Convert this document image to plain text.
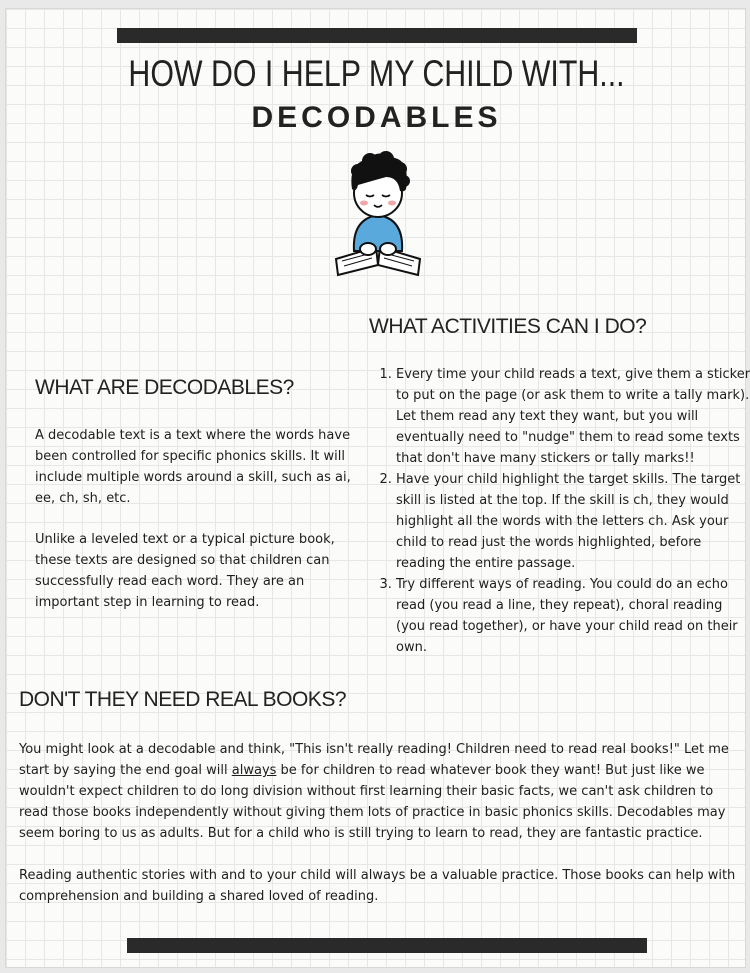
HOW DO I HELP MY CHILD WITH...
DECODABLES
WHAT ACTIVITIES CAN I DO?
1. Every time your child reads a text, give them a sticker to put on the page (or ask them to write a tally mark). Let them read any text they want, but you will eventually need to "nudge" them to read some texts that don't have many stickers or tally marks!!
2. Have your child highlight the target skills. The target skill is listed at the top. If the skill is ch, they would highlight all the words with the letters ch. Ask your child to read just the words highlighted, before reading the entire passage.
3. Try different ways of reading. You could do an echo read (you read a line, they repeat), choral reading (you read together), or have your child read on their own.
WHAT ARE DECODABLES?
A decodable text is a text where the words have been controlled for specific phonics skills. It will include multiple words around a skill, such as ai, ee, ch, sh, etc.
Unlike a leveled text or a typical picture book, these texts are designed so that children can successfully read each word. They are an important step in learning to read.
DON'T THEY NEED REAL BOOKS?
You might look at a decodable and think, "This isn't really reading! Children need to read real books!" Let me start by saying the end goal will always be for children to read whatever book they want! But just like we wouldn't expect children to do long division without first learning their basic facts, we can't ask children to read those books independently without giving them lots of practice in basic phonics skills. Decodables may seem boring to us as adults. But for a child who is still trying to learn to read, they are fantastic practice.
Reading authentic stories with and to your child will always be a valuable practice. Those books can help with comprehension and building a shared loved of reading.
